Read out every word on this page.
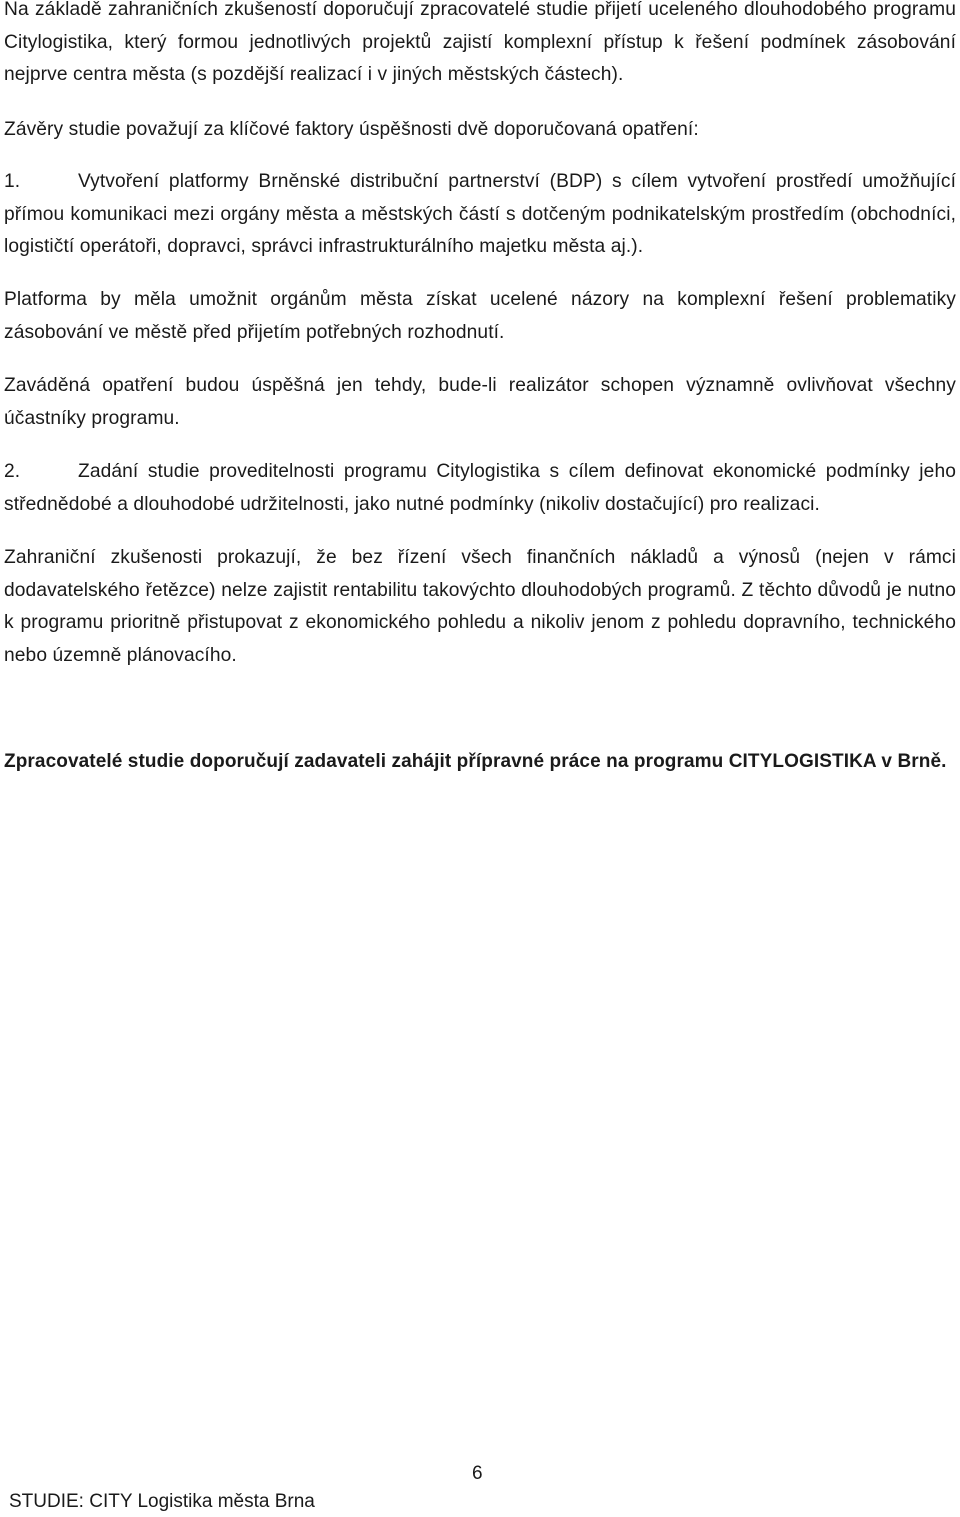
Na základě zahraničních zkušeností doporučují zpracovatelé studie přijetí uceleného dlouhodobého programu Citylogistika, který formou jednotlivých projektů zajistí komplexní přístup k řešení podmínek zásobování nejprve centra města (s pozdější realizací i v jiných městských částech).

Závěry studie považují za klíčové faktory úspěšnosti dvě doporučovaná opatření:

1.	Vytvoření platformy Brněnské distribuční partnerství (BDP) s cílem vytvoření prostředí umožňující přímou komunikaci mezi orgány města a městských částí s dotčeným podnikatelským prostředím (obchodníci, logističtí operátoři, dopravci, správci infrastrukturálního majetku města aj.).

Platforma by měla umožnit orgánům města získat ucelené názory na komplexní řešení problematiky zásobování ve městě před přijetím potřebných rozhodnutí.

Zaváděná opatření budou úspěšná jen tehdy, bude-li realizátor schopen významně ovlivňovat všechny účastníky programu.

2.	Zadání studie proveditelnosti programu Citylogistika s cílem definovat ekonomické podmínky jeho střednědobé a dlouhodobé udržitelnosti, jako nutné podmínky (nikoliv dostačující) pro realizaci.

Zahraniční zkušenosti prokazují, že bez řízení všech finančních nákladů a výnosů (nejen v rámci dodavatelského řetězce) nelze zajistit rentabilitu takovýchto dlouhodobých programů. Z těchto důvodů je nutno k programu prioritně přistupovat z ekonomického pohledu a nikoliv jenom z pohledu dopravního, technického nebo územně plánovacího.

Zpracovatelé studie doporučují zadavateli zahájit přípravné práce na programu CITYLOGISTIKA v Brně.

6
STUDIE: CITY Logistika města Brna
